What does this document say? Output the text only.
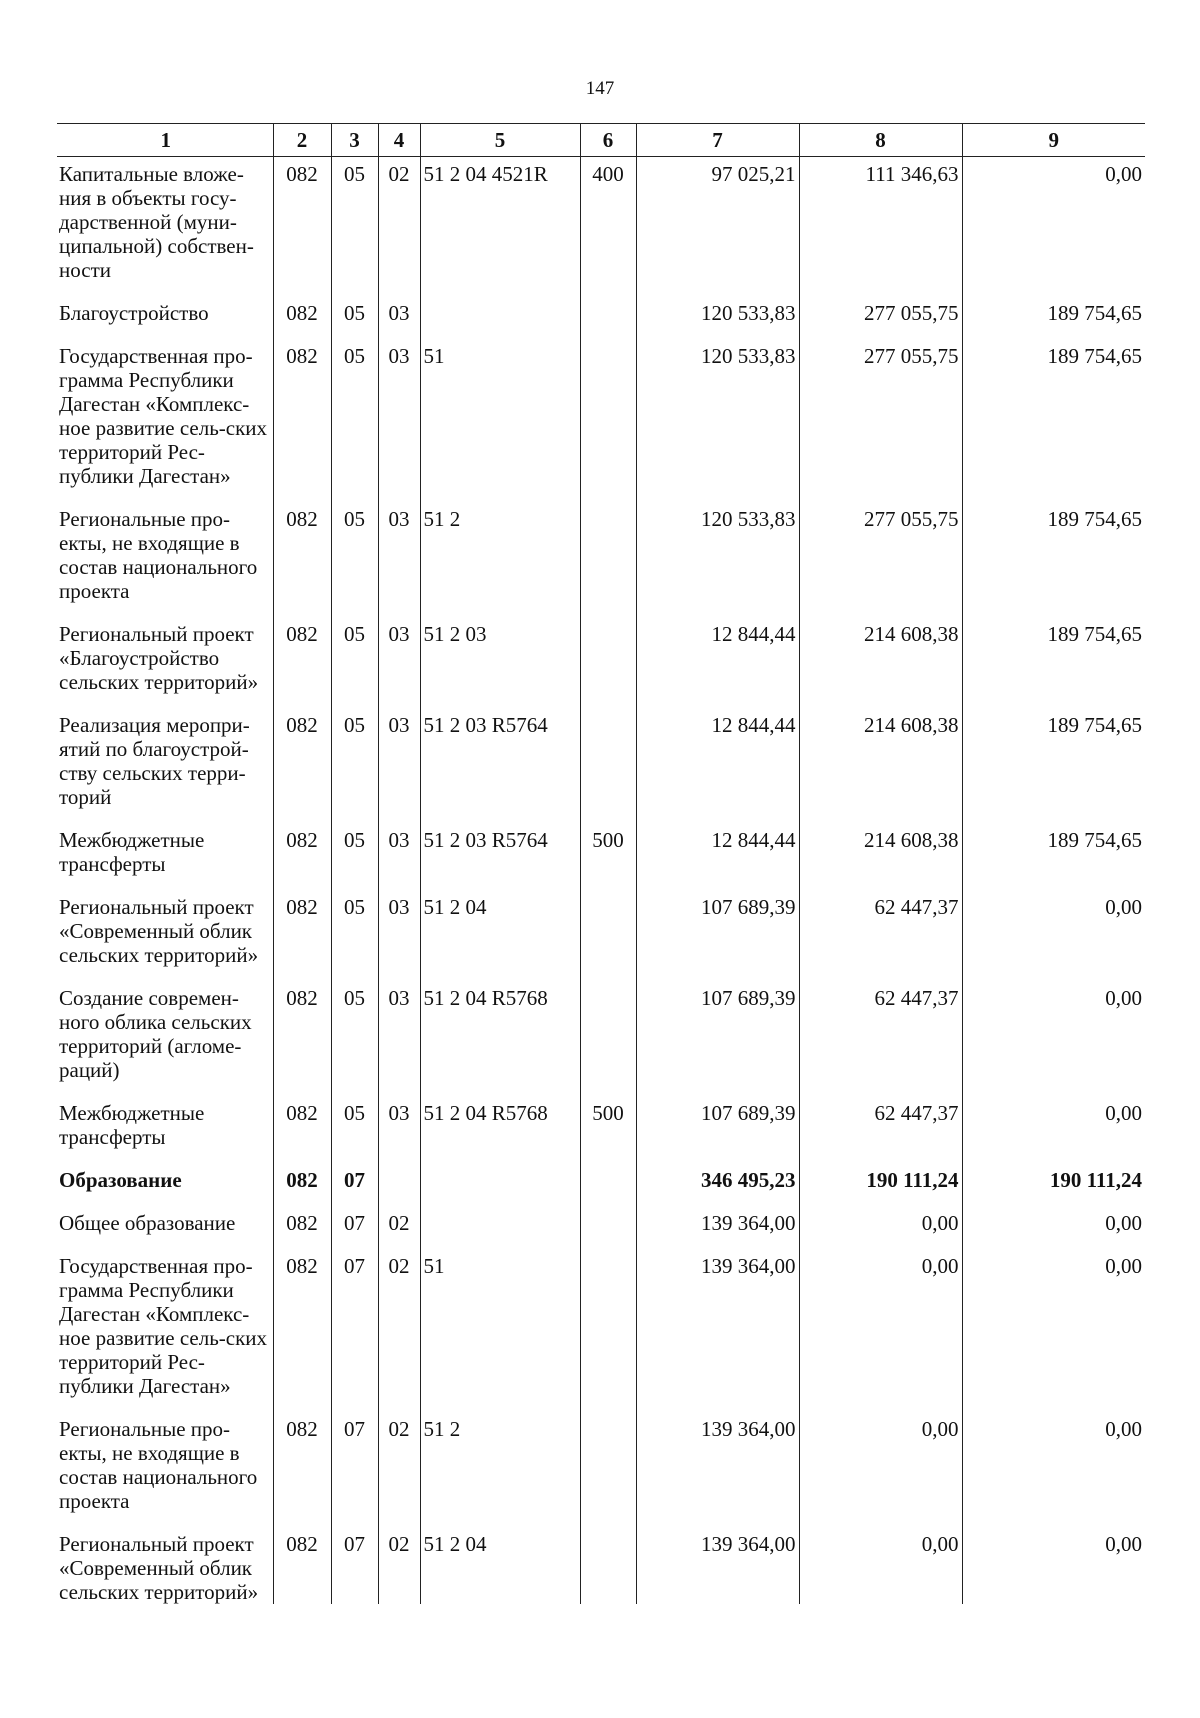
147
1	2	3	4	5	6	7	8	9
Капитальные вложе-ния в объекты госу-дарственной (муни-ципальной) собствен-ности	082	05	02	51 2 04 4521R	400	97 025,21	111 346,63	0,00
Благоустройство	082	05	03			120 533,83	277 055,75	189 754,65
Государственная про-грамма Республики Дагестан «Комплекс-ное развитие сель-ских территорий Рес-публики Дагестан»	082	05	03	51		120 533,83	277 055,75	189 754,65
Региональные про-екты, не входящие в состав национального проекта	082	05	03	51 2		120 533,83	277 055,75	189 754,65
Региональный проект «Благоустройство сельских территорий»	082	05	03	51 2 03		12 844,44	214 608,38	189 754,65
Реализация меропри-ятий по благоустрой-ству сельских терри-торий	082	05	03	51 2 03 R5764		12 844,44	214 608,38	189 754,65
Межбюджетные трансферты	082	05	03	51 2 03 R5764	500	12 844,44	214 608,38	189 754,65
Региональный проект «Современный облик сельских территорий»	082	05	03	51 2 04		107 689,39	62 447,37	0,00
Создание современ-ного облика сельских территорий (агломе-раций)	082	05	03	51 2 04 R5768		107 689,39	62 447,37	0,00
Межбюджетные трансферты	082	05	03	51 2 04 R5768	500	107 689,39	62 447,37	0,00
Образование	082	07				346 495,23	190 111,24	190 111,24
Общее образование	082	07	02			139 364,00	0,00	0,00
Государственная про-грамма Республики Дагестан «Комплекс-ное развитие сель-ских территорий Рес-публики Дагестан»	082	07	02	51		139 364,00	0,00	0,00
Региональные про-екты, не входящие в состав национального проекта	082	07	02	51 2		139 364,00	0,00	0,00
Региональный проект «Современный облик сельских территорий»	082	07	02	51 2 04		139 364,00	0,00	0,00
